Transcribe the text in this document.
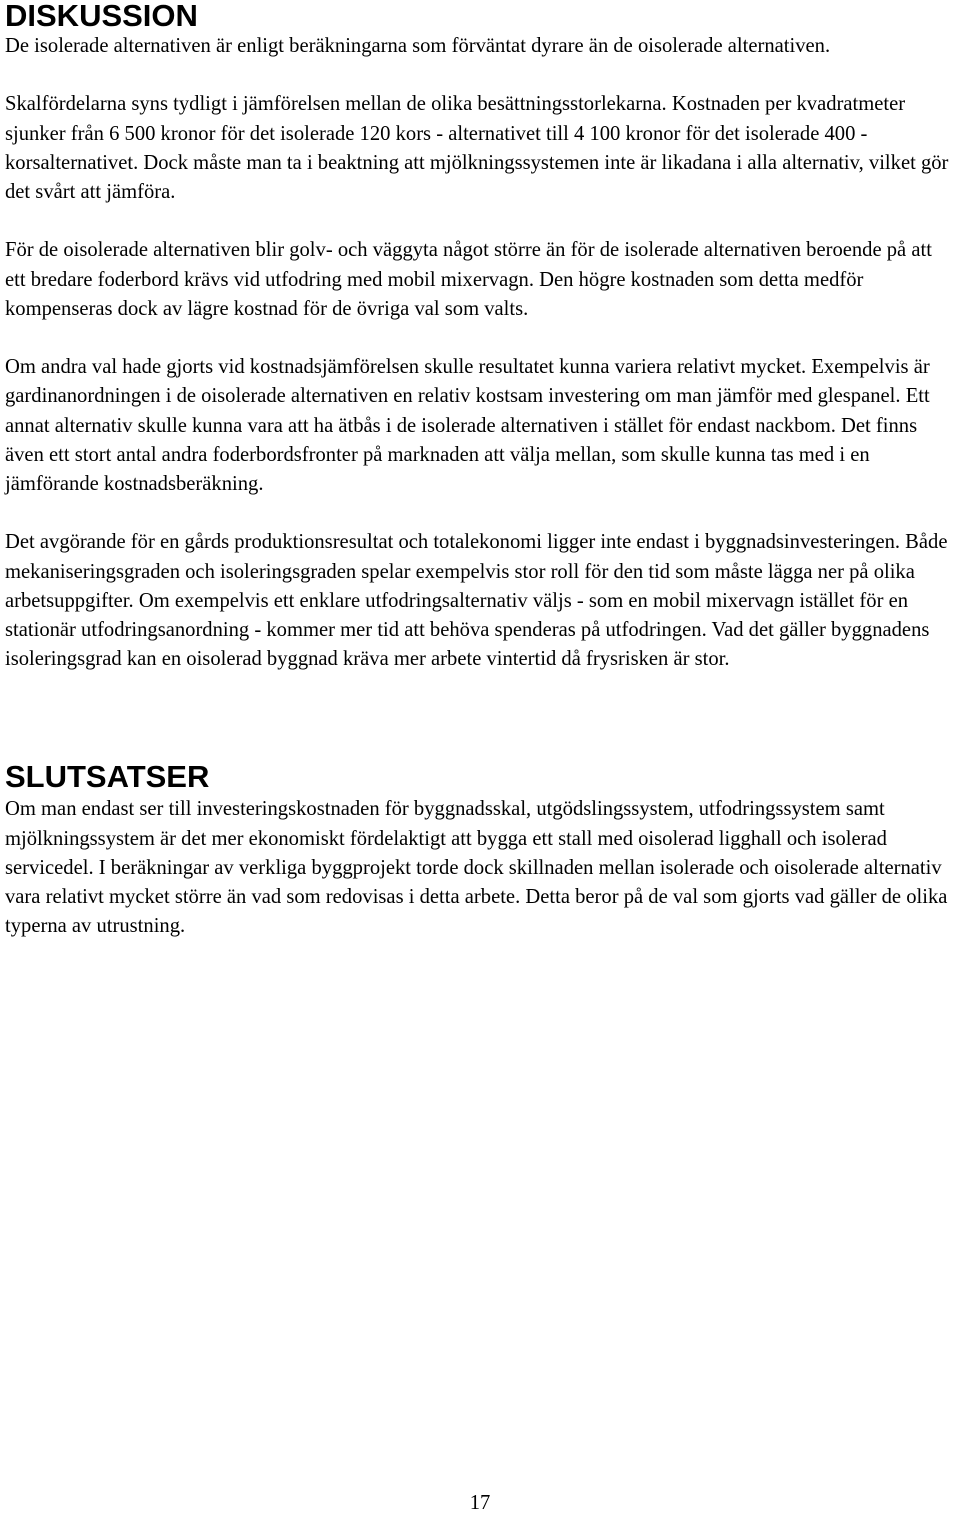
DISKUSSION

De isolerade alternativen är enligt beräkningarna som förväntat dyrare än de oisolerade alternativen.

Skalfördelarna syns tydligt i jämförelsen mellan de olika besättningsstorlekarna. Kostnaden per kvadratmeter sjunker från 6 500 kronor för det isolerade 120 kors - alternativet till 4 100 kronor för det isolerade 400 - korsalternativet. Dock måste man ta i beaktning att mjölkningssystemen inte är likadana i alla alternativ, vilket gör det svårt att jämföra.

För de oisolerade alternativen blir golv- och väggyta något större än för de isolerade alternativen beroende på att ett bredare foderbord krävs vid utfodring med mobil mixervagn. Den högre kostnaden som detta medför kompenseras dock av lägre kostnad för de övriga val som valts.

Om andra val hade gjorts vid kostnadsjämförelsen skulle resultatet kunna variera relativt mycket. Exempelvis är gardinanordningen i de oisolerade alternativen en relativ kostsam investering om man jämför med glespanel. Ett annat alternativ skulle kunna vara att ha ätbås i de isolerade alternativen i stället för endast nackbom. Det finns även ett stort antal andra foderbordsfronter på marknaden att välja mellan, som skulle kunna tas med i en jämförande kostnadsberäkning.

Det avgörande för en gårds produktionsresultat och totalekonomi ligger inte endast i byggnadsinvesteringen. Både mekaniseringsgraden och isoleringsgraden spelar exempelvis stor roll för den tid som måste lägga ner på olika arbetsuppgifter. Om exempelvis ett enklare utfodringsalternativ väljs - som en mobil mixervagn istället för en stationär utfodringsanordning - kommer mer tid att behöva spenderas på utfodringen. Vad det gäller byggnadens isoleringsgrad kan en oisolerad byggnad kräva mer arbete vintertid då frysrisken är stor.

SLUTSATSER

Om man endast ser till investeringskostnaden för byggnadsskal, utgödslingssystem, utfodringssystem samt mjölkningssystem är det mer ekonomiskt fördelaktigt att bygga ett stall med oisolerad ligghall och isolerad servicedel. I beräkningar av verkliga byggprojekt torde dock skillnaden mellan isolerade och oisolerade alternativ vara relativt mycket större än vad som redovisas i detta arbete. Detta beror på de val som gjorts vad gäller de olika typerna av utrustning.

17
